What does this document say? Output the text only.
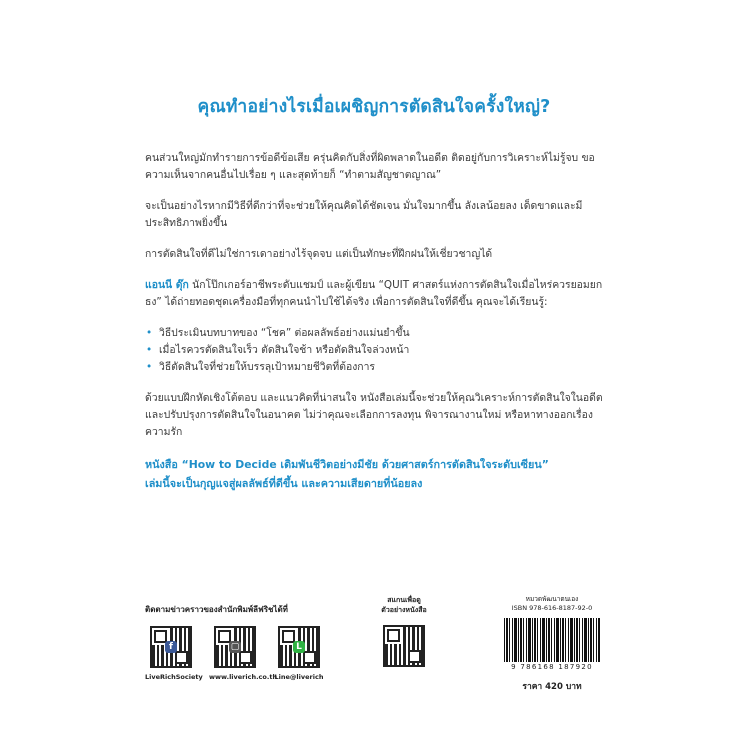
คุณทำอย่างไรเมื่อเผชิญการตัดสินใจครั้งใหญ่?

คนส่วนใหญ่มักทำรายการข้อดีข้อเสีย ครุ่นคิดกับสิ่งที่ผิดพลาดในอดีต ติดอยู่กับการวิเคราะห์ไม่รู้จบ ขอความเห็นจากคนอื่นไปเรื่อย ๆ และสุดท้ายก็ “ทำตามสัญชาตญาณ”

จะเป็นอย่างไรหากมีวิธีที่ดีกว่าที่จะช่วยให้คุณคิดได้ชัดเจน มั่นใจมากขึ้น ลังเลน้อยลง เด็ดขาดและมีประสิทธิภาพยิ่งขึ้น

การตัดสินใจที่ดีไม่ใช่การเดาอย่างไร้จุดจบ แต่เป็นทักษะที่ฝึกฝนให้เชี่ยวชาญได้

แอนนี ดุ๊ก นักโป๊กเกอร์อาชีพระดับแชมป์ และผู้เขียน “QUIT ศาสตร์แห่งการตัดสินใจเมื่อไหร่ควรยอมยกธง” ได้ถ่ายทอดชุดเครื่องมือที่ทุกคนนำไปใช้ได้จริง เพื่อการตัดสินใจที่ดีขึ้น คุณจะได้เรียนรู้:

• วิธีประเมินบทบาทของ “โชค” ต่อผลลัพธ์อย่างแม่นยำขึ้น
• เมื่อไรควรตัดสินใจเร็ว ตัดสินใจช้า หรือตัดสินใจล่วงหน้า
• วิธีตัดสินใจที่ช่วยให้บรรลุเป้าหมายชีวิตที่ต้องการ

ด้วยแบบฝึกหัดเชิงโต้ตอบ และแนวคิดที่น่าสนใจ หนังสือเล่มนี้จะช่วยให้คุณวิเคราะห์การตัดสินใจในอดีต และปรับปรุงการตัดสินใจในอนาคต ไม่ว่าคุณจะเลือกการลงทุน พิจารณางานใหม่ หรือหาทางออกเรื่องความรัก

หนังสือ “How to Decide เดิมพันชีวิตอย่างมีชัย ด้วยศาสตร์การตัดสินใจระดับเซียน”
เล่มนี้จะเป็นกุญแจสู่ผลลัพธ์ที่ดีขึ้น และความเสียดายที่น้อยลง
ติดตามข่าวคราวของสำนักพิมพ์ลีฟริชได้ที่
f
LiveRichSociety
▢
www.liverich.co.th
L
Line@liverich
สแกนเพื่อดู
ตัวอย่างหนังสือ
หมวดพัฒนาตนเอง
ISBN 978-616-8187-92-0
9 786168 187920
ราคา 420 บาท
